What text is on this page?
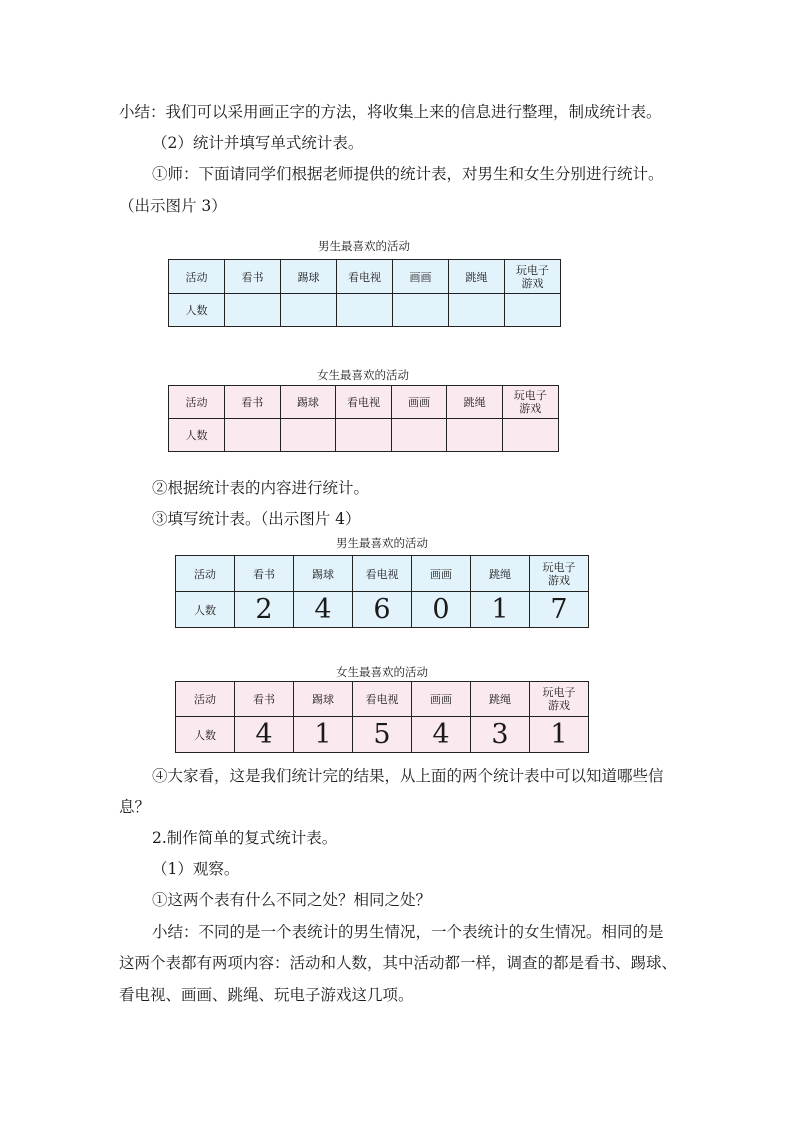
小结：我们可以采用画正字的方法，将收集上来的信息进行整理，制成统计表。
（2）统计并填写单式统计表。
①师：下面请同学们根据老师提供的统计表，对男生和女生分别进行统计。
（出示图片 3）
男生最喜欢的活动
活动	看书	踢球	看电视	画画	跳绳	玩电子
游戏
人数						
女生最喜欢的活动
活动	看书	踢球	看电视	画画	跳绳	玩电子
游戏
人数						
②根据统计表的内容进行统计。
③填写统计表。（出示图片 4）
男生最喜欢的活动
活动	看书	踢球	看电视	画画	跳绳	玩电子
游戏
人数	2	4	6	0	1	7
女生最喜欢的活动
活动	看书	踢球	看电视	画画	跳绳	玩电子
游戏
人数	4	1	5	4	3	1
④大家看，这是我们统计完的结果，从上面的两个统计表中可以知道哪些信
息？
2.制作简单的复式统计表。
（1）观察。
①这两个表有什么不同之处？相同之处？
小结：不同的是一个表统计的男生情况，一个表统计的女生情况。相同的是
这两个表都有两项内容：活动和人数，其中活动都一样，调查的都是看书、踢球、
看电视、画画、跳绳、玩电子游戏这几项。
